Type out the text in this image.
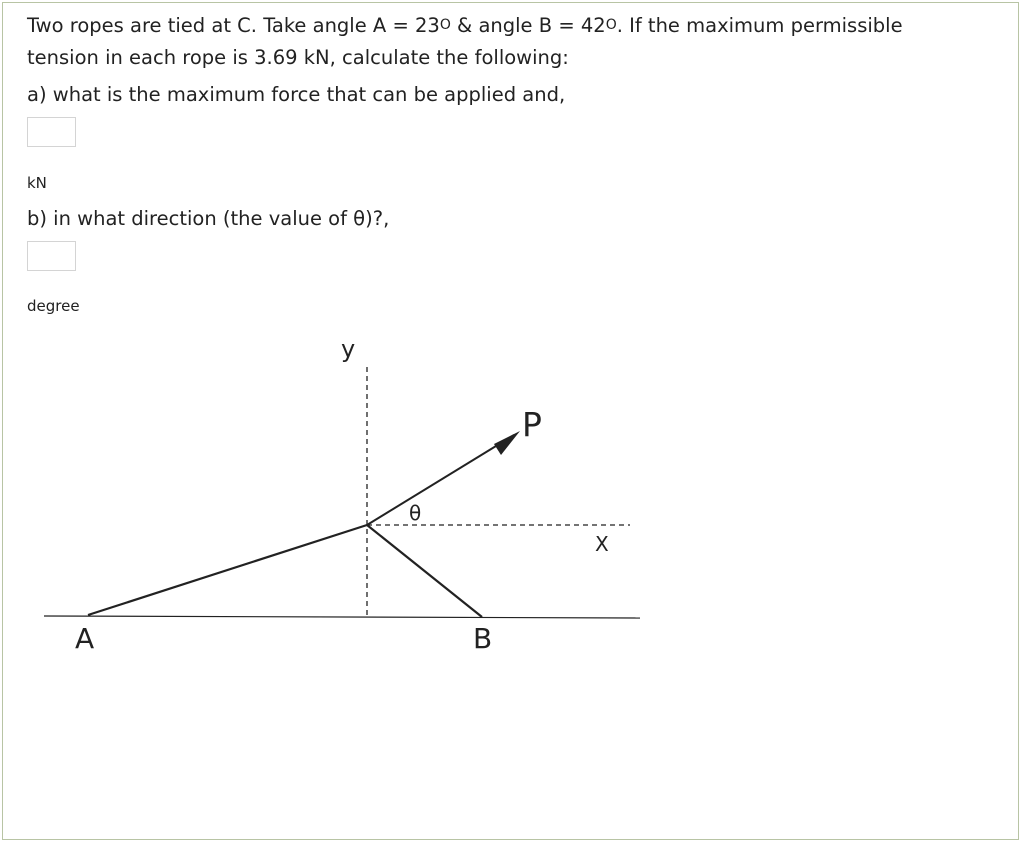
Two ropes are tied at C. Take angle $A = 23^O$ & angle $B = 42^O$. If the maximum permissible
tension in each rope is 3.69 kN, calculate the following:

a) what is the maximum force that can be applied and,

kN

b) in what direction (the value of θ)?,

degree
y
X
P
θ
A	B
